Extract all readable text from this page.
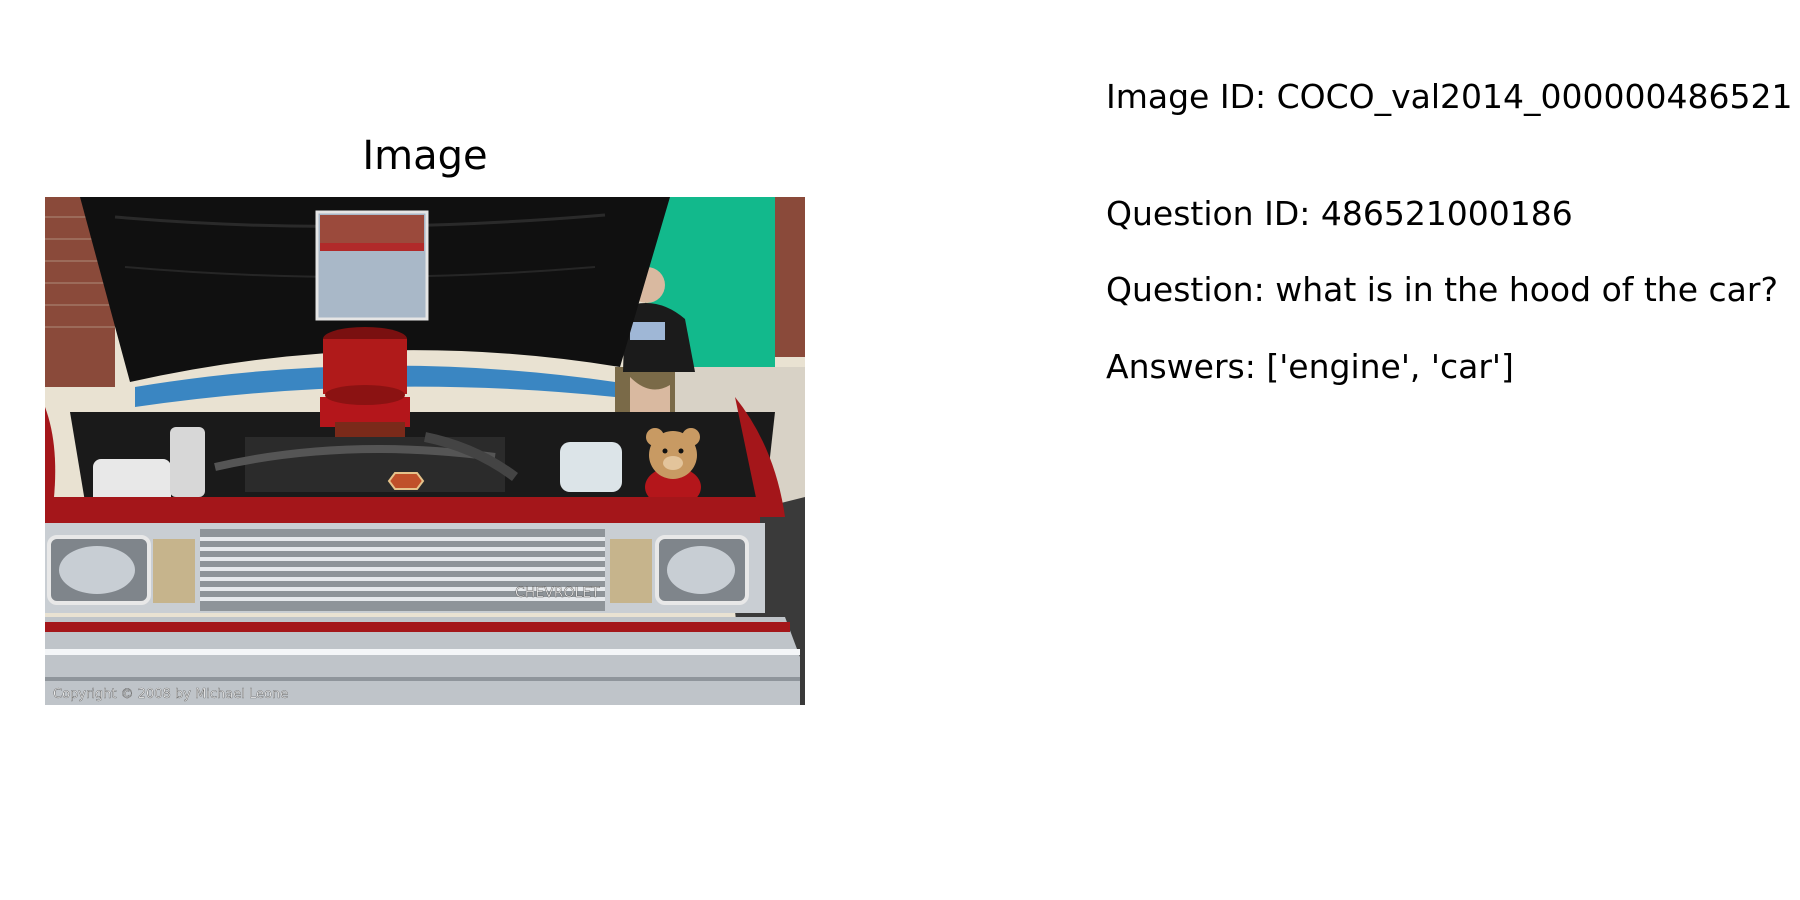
Image
CHEVROLET
Copyright © 2008 by Michael Leone
Image ID: COCO_val2014_000000486521
Question ID: 486521000186
Question: what is in the hood of the car?
Answers: ['engine', 'car']
